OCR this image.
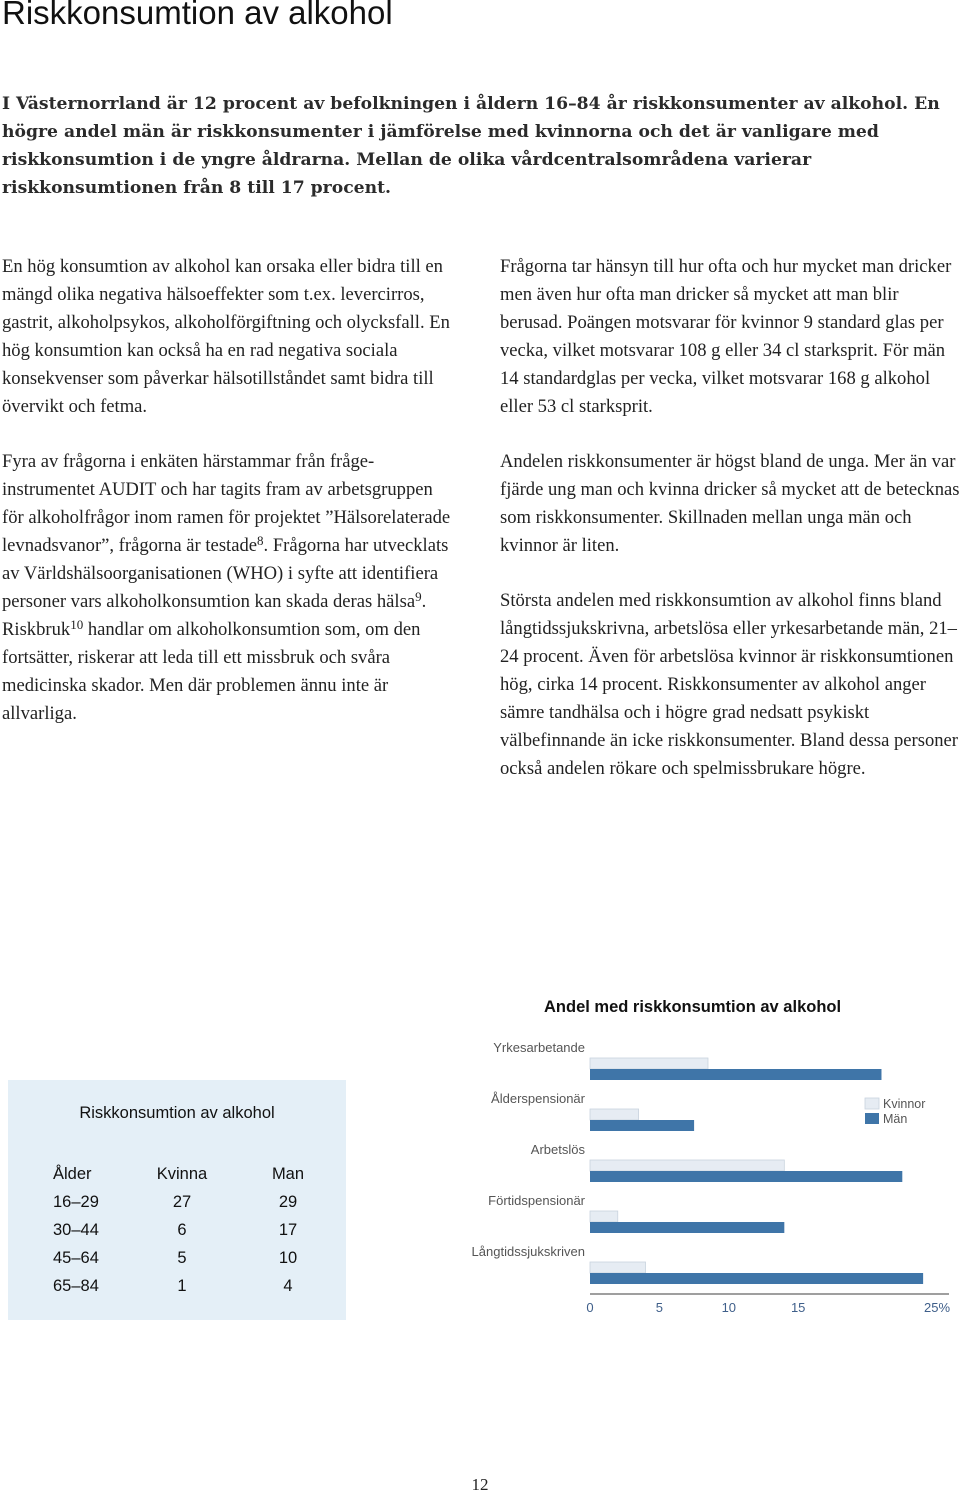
Riskkonsumtion av alkohol

I Västernorrland är 12 procent av befolkningen i åldern 16–84 år riskkonsumenter av alkohol. En högre andel män är riskkonsumenter i jämförelse med kvinnorna och det är vanligare med riskkonsumtion i de yngre åldrarna. Mellan de olika vårdcentralsområdena varierar riskkonsumtionen från 8 till 17 procent.

En hög konsumtion av alkohol kan orsaka eller bidra till en mängd olika negativa hälsoeffekter som t.ex. levercirros, gastrit, alkoholpsykos, alkoholförgiftning och olycksfall. En hög konsumtion kan också ha en rad negativa sociala konsekvenser som påverkar hälsotillståndet samt bidra till övervikt och fetma.

Fyra av frågorna i enkäten härstammar från frågeinstrumentet AUDIT och har tagits fram av arbetsgruppen för alkoholfrågor inom ramen för projektet ”Hälsorelaterade levnadsvanor”, frågorna är testade$^8$. Frågorna har utvecklats av Världshälsoorganisationen (WHO) i syfte att identifiera personer vars alkoholkonsumtion kan skada deras hälsa$^9$. Riskbruk$^{10}$ handlar om alkoholkonsumtion som, om den fortsätter, riskerar att leda till ett missbruk och svåra medicinska skador. Men där problemen ännu inte är allvarliga.

Frågorna tar hänsyn till hur ofta och hur mycket man dricker men även hur ofta man dricker så mycket att man blir berusad. Poängen motsvarar för kvinnor 9 standard glas per vecka, vilket motsvarar 108 g eller 34 cl starksprit. För män 14 standardglas per vecka, vilket motsvarar 168 g alkohol eller 53 cl starksprit.

Andelen riskkonsumenter är högst bland de unga. Mer än var fjärde ung man och kvinna dricker så mycket att de betecknas som riskkonsumenter. Skillnaden mellan unga män och kvinnor är liten.

Största andelen med riskkonsumtion av alkohol finns bland långtidssjukskrivna, arbetslösa eller yrkesarbetande män, 21–24 procent. Även för arbetslösa kvinnor är riskkonsumtionen hög, cirka 14 procent. Riskkonsumenter av alkohol anger sämre tandhälsa och i högre grad nedsatt psykiskt välbefinnande än icke riskkonsumenter. Bland dessa personer också andelen rökare och spelmissbrukare högre.

Riskkonsumtion av alkohol
Ålder	Kvinna	Man
16–29	27	29
30–44	6	17
45–64	5	10
65–84	1	4
Andel med riskkonsumtion av alkohol
Yrkesarbetande
Ålderspensionär
Arbetslös
Förtidspensionär
Långtidssjukskriven
0	5	10	15	25%
Kvinnor
Män
12
